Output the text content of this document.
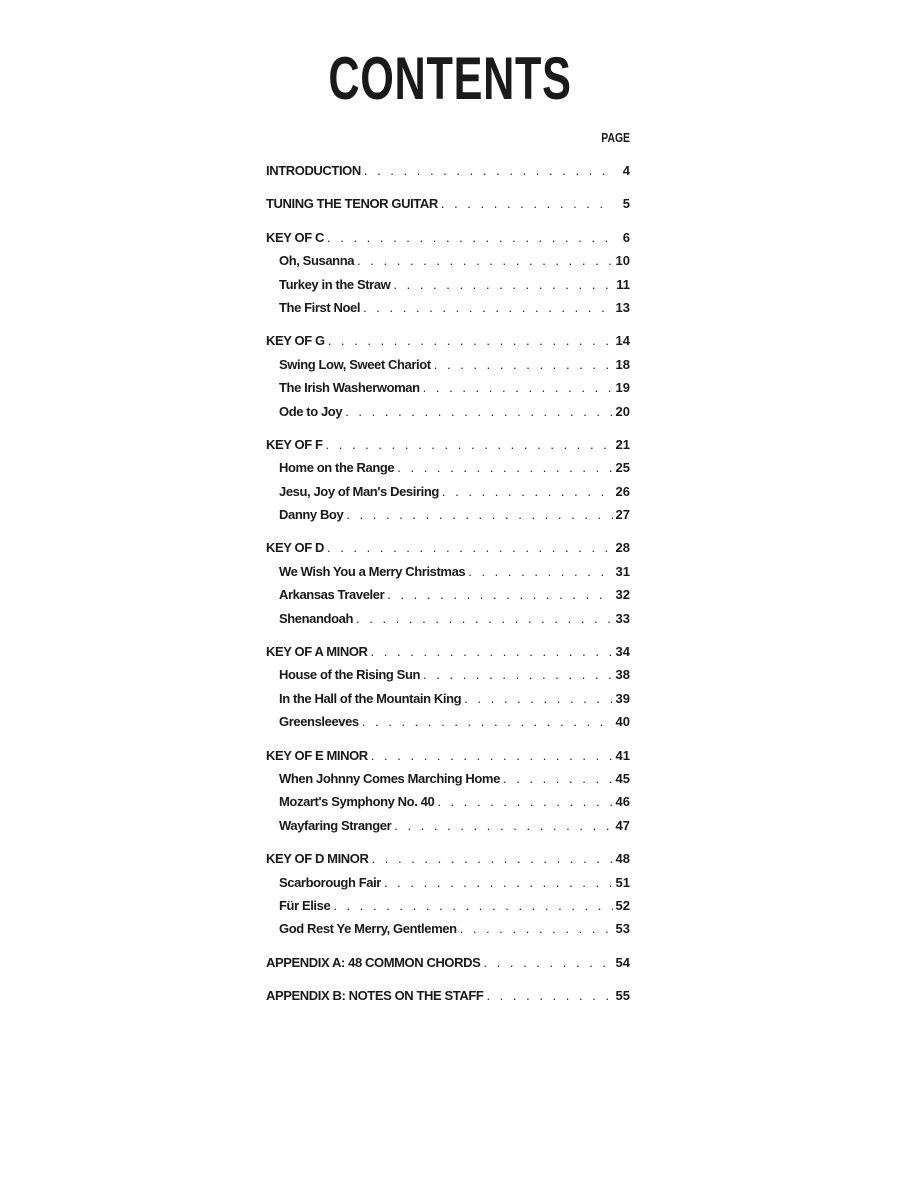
CONTENTS
PAGE
INTRODUCTION . . .	4
TUNING THE TENOR GUITAR . . .	5
KEY OF C . . .	6
Oh, Susanna . . .	10
Turkey in the Straw . . .	11
The First Noel . . .	13
KEY OF G . . .	14
Swing Low, Sweet Chariot . . .	18
The Irish Washerwoman . . .	19
Ode to Joy . . .	20
KEY OF F . . .	21
Home on the Range . . .	25
Jesu, Joy of Man's Desiring . . .	26
Danny Boy . . .	27
KEY OF D . . .	28
We Wish You a Merry Christmas . . .	31
Arkansas Traveler . . .	32
Shenandoah . . .	33
KEY OF A MINOR . . .	34
House of the Rising Sun . . .	38
In the Hall of the Mountain King . . .	39
Greensleeves . . .	40
KEY OF E MINOR . . .	41
When Johnny Comes Marching Home . . .	45
Mozart's Symphony No. 40 . . .	46
Wayfaring Stranger . . .	47
KEY OF D MINOR . . .	48
Scarborough Fair . . .	51
Für Elise . . .	52
God Rest Ye Merry, Gentlemen . . .	53
APPENDIX A: 48 COMMON CHORDS . . .	54
APPENDIX B: NOTES ON THE STAFF . . .	55
